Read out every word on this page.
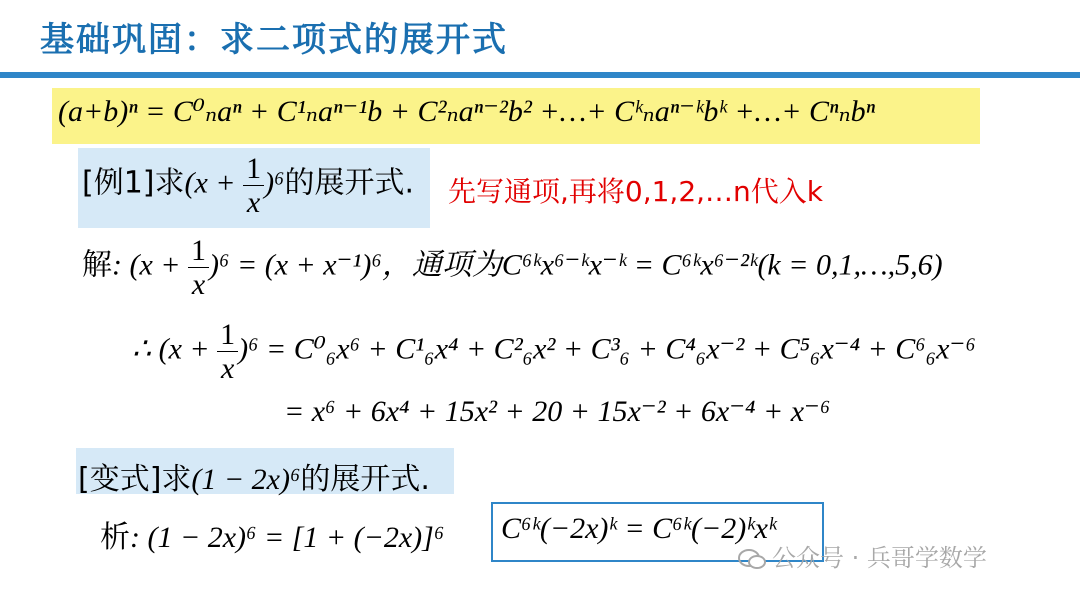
基础巩固：求二项式的展开式
(a+b)ⁿ = C⁰ₙaⁿ + C¹ₙaⁿ⁻¹b + C²ₙaⁿ⁻²b² +…+ Cᵏₙaⁿ⁻ᵏbᵏ +…+ Cⁿₙbⁿ
[例1]求$(x + \frac{1}{x} )^6$的展开式. 先写通项,再将0,1,2,…n代入k
解: $(x + \frac{1}{x} )^6 = (x + x^{-1})^6$，通项为C⁶ᵏx⁶⁻ᵏx⁻ᵏ = C⁶ᵏx⁶⁻²ᵏ(k = 0,1,…,5,6)
∴ $(x + \frac{1}{x} )^6 = C^0_6x^6 + C^1_6x^4 + C^2_6x^2 + C^3_6 + C^4_6x^{-2} + C^5_6x^{-4} + C^6_6x^{-6}$
= x⁶ + 6x⁴ + 15x² + 20 + 15x⁻² + 6x⁻⁴ + x⁻⁶
[变式]求(1 − 2x)⁶的展开式.
析: (1 − 2x)⁶ = [1 + (−2x)]⁶ C⁶ᵏ(−2x)ᵏ = C⁶ᵏ(−2)ᵏxᵏ
公众号 · 兵哥学数学
